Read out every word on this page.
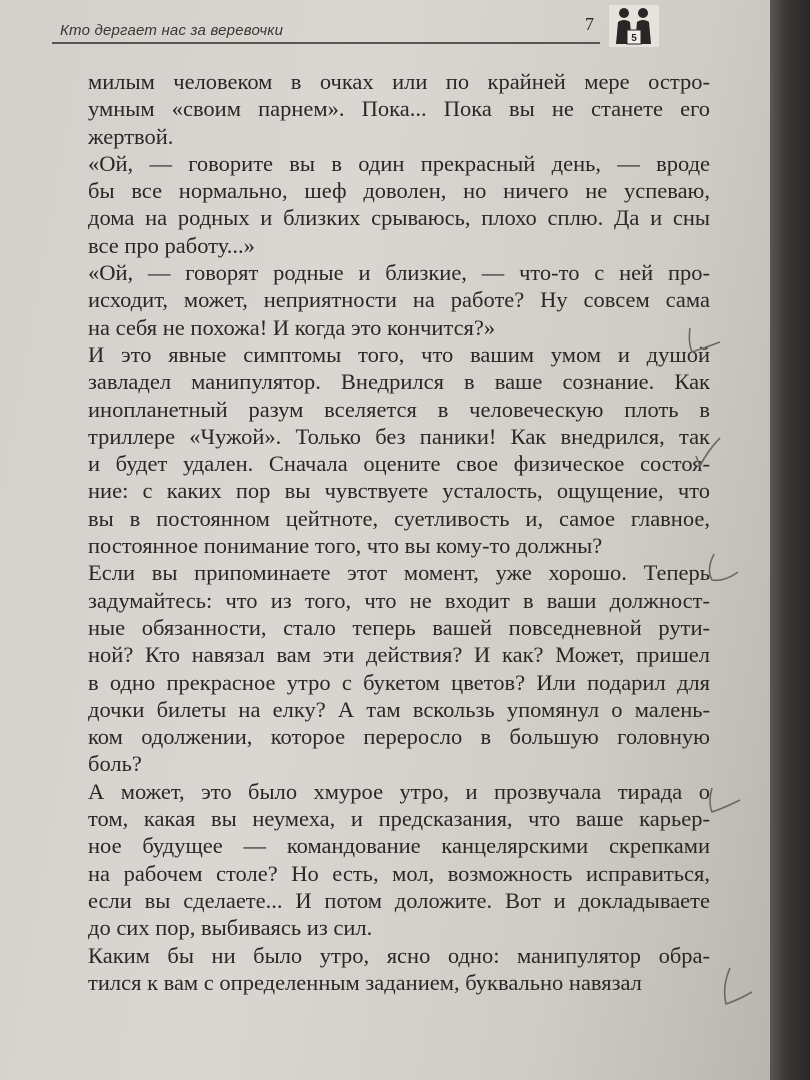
Кто дергает нас за веревочки	7
5
милым человеком в очках или по крайней мере остро-
умным «своим парнем». Пока... Пока вы не станете его
жертвой.
«Ой, — говорите вы в один прекрасный день, — вроде
бы все нормально, шеф доволен, но ничего не успеваю,
дома на родных и близких срываюсь, плохо сплю. Да и сны
все про работу...»
«Ой, — говорят родные и близкие, — что-то с ней про-
исходит, может, неприятности на работе? Ну совсем сама
на себя не похожа! И когда это кончится?»
И это явные симптомы того, что вашим умом и душой
завладел манипулятор. Внедрился в ваше сознание. Как
инопланетный разум вселяется в человеческую плоть в
триллере «Чужой». Только без паники! Как внедрился, так
и будет удален. Сначала оцените свое физическое состоя-
ние: с каких пор вы чувствуете усталость, ощущение, что
вы в постоянном цейтноте, суетливость и, самое главное,
постоянное понимание того, что вы кому-то должны?
Если вы припоминаете этот момент, уже хорошо. Теперь
задумайтесь: что из того, что не входит в ваши должност-
ные обязанности, стало теперь вашей повседневной рути-
ной? Кто навязал вам эти действия? И как? Может, пришел
в одно прекрасное утро с букетом цветов? Или подарил для
дочки билеты на елку? А там вскользь упомянул о малень-
ком одолжении, которое переросло в большую головную
боль?
А может, это было хмурое утро, и прозвучала тирада о
том, какая вы неумеха, и предсказания, что ваше карьер-
ное будущее — командование канцелярскими скрепками
на рабочем столе? Но есть, мол, возможность исправиться,
если вы сделаете... И потом доложите. Вот и докладываете
до сих пор, выбиваясь из сил.
Каким бы ни было утро, ясно одно: манипулятор обра-
тился к вам с определенным заданием, буквально навязал
